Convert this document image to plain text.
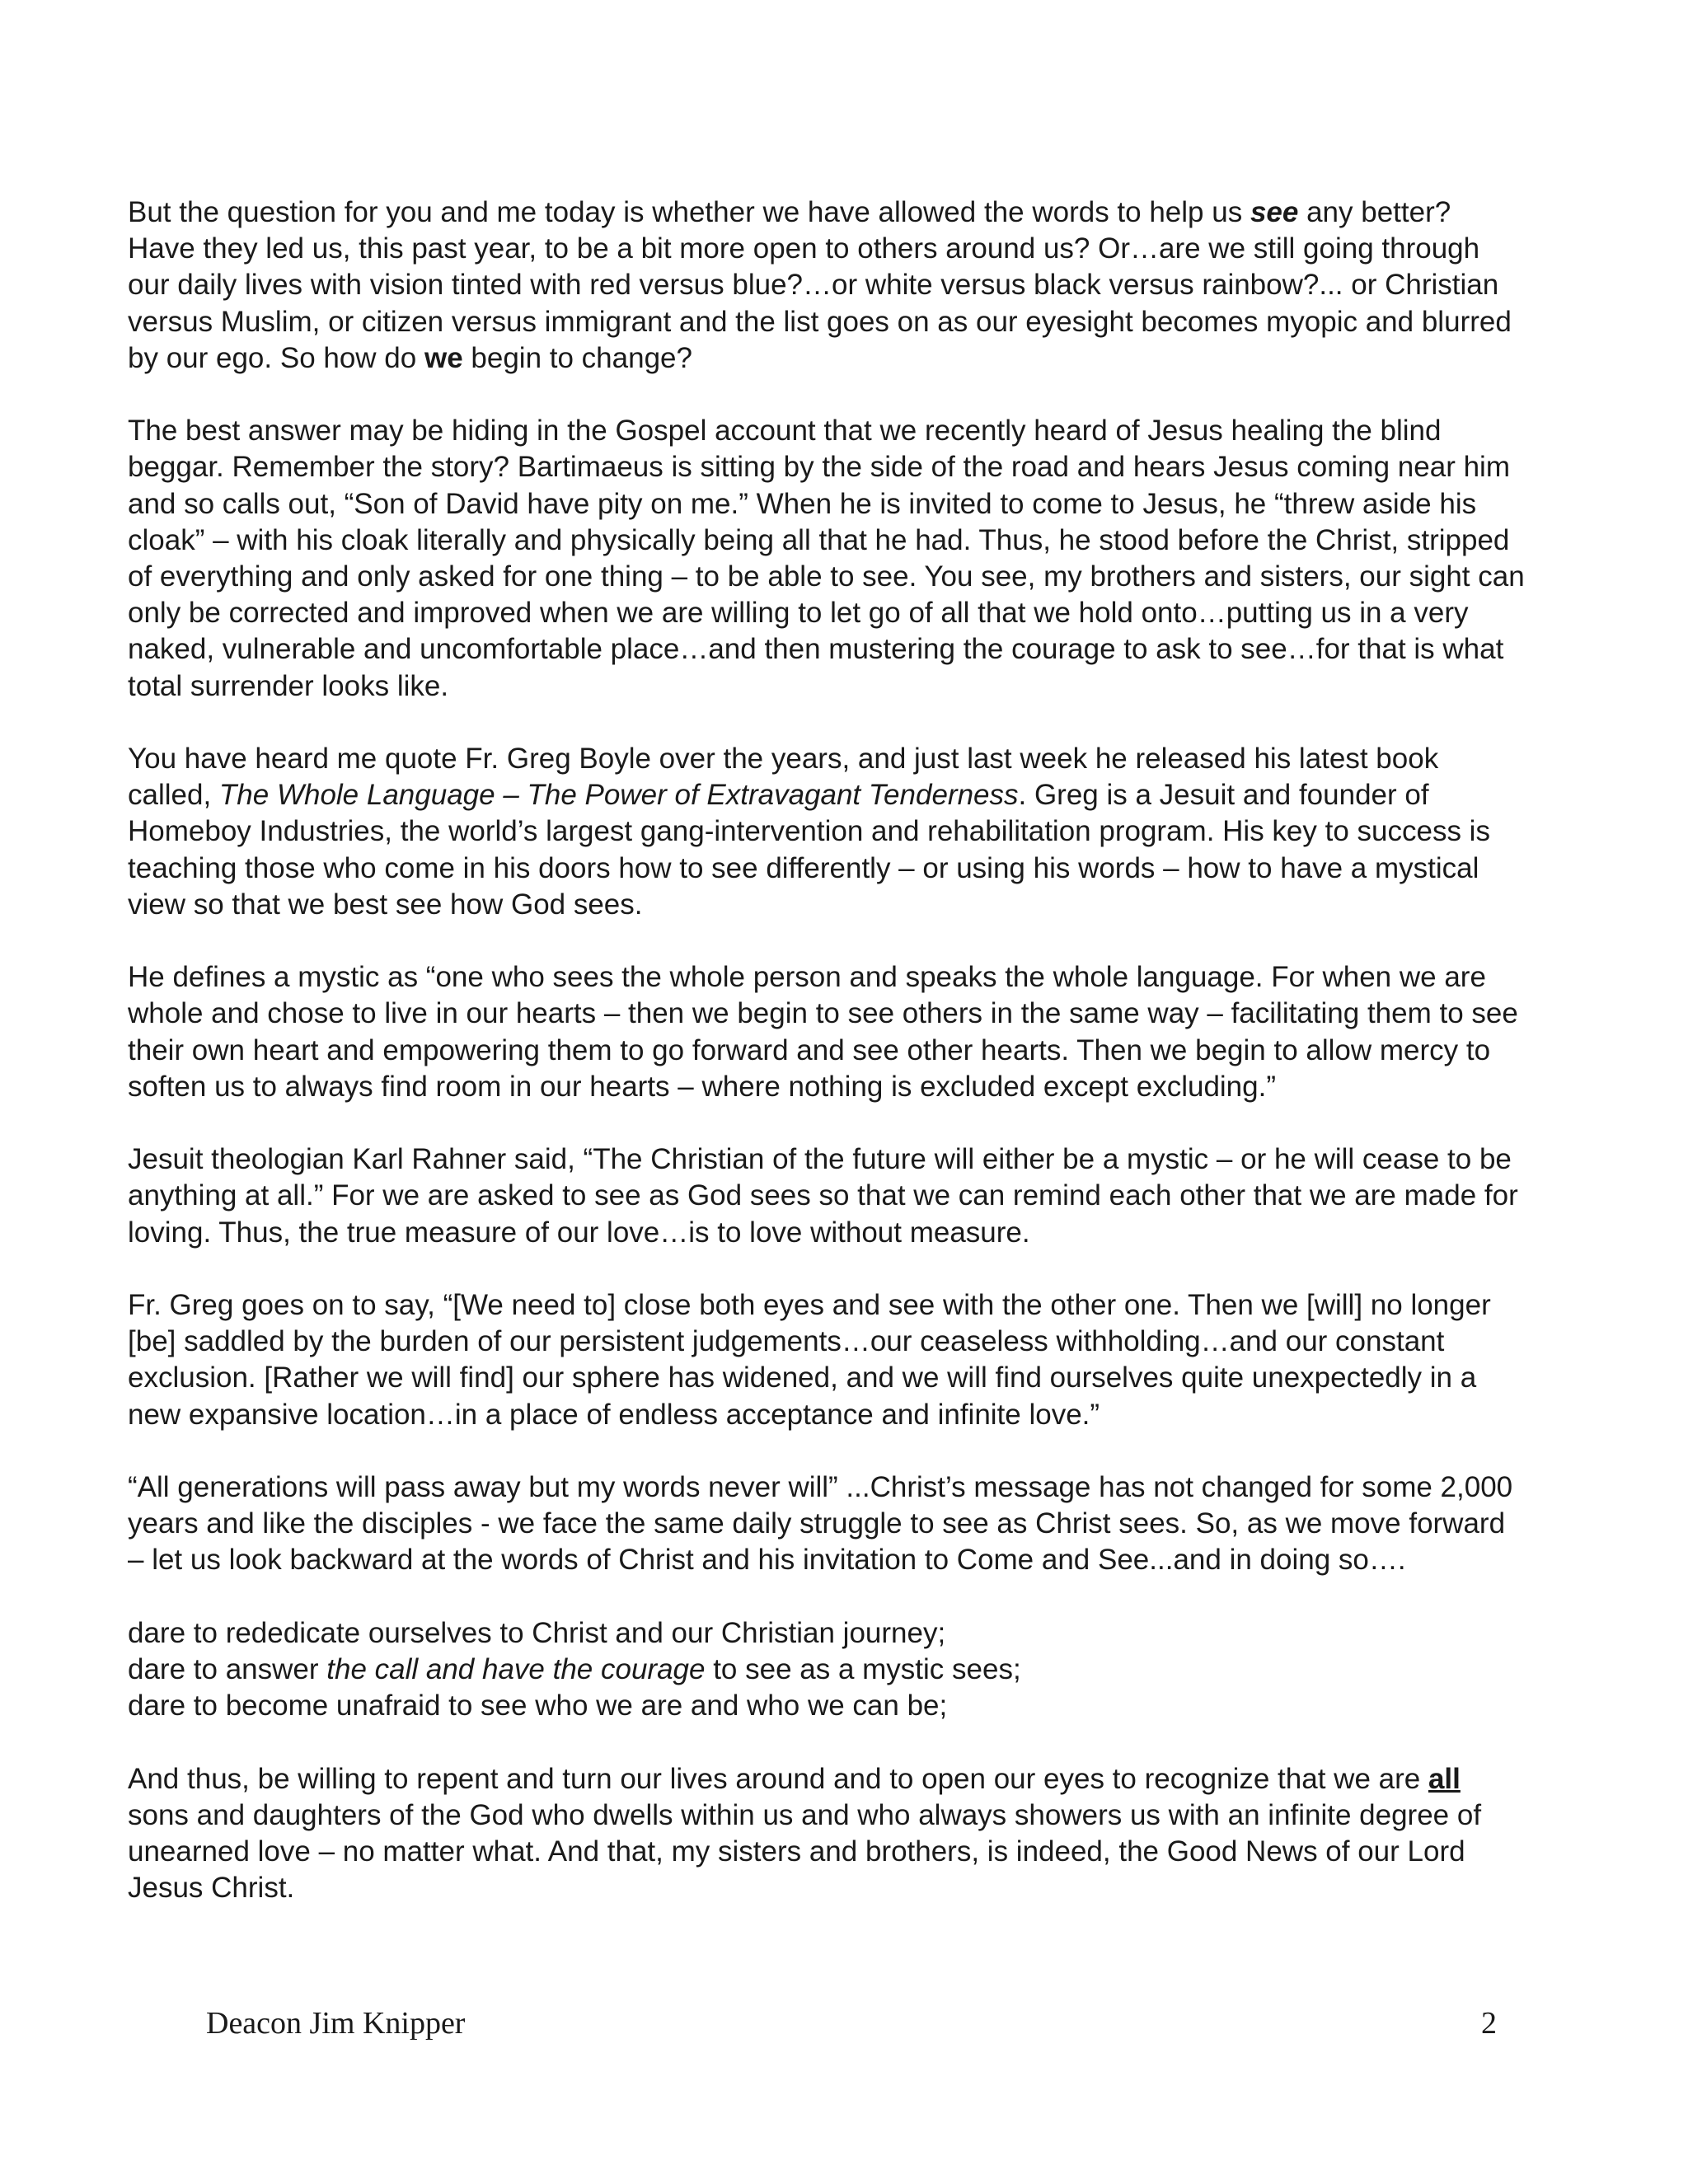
But the question for you and me today is whether we have allowed the words to help us see any better?
Have they led us, this past year, to be a bit more open to others around us? Or…are we still going through
our daily lives with vision tinted with red versus blue?…or white versus black versus rainbow?... or Christian
versus Muslim, or citizen versus immigrant and the list goes on as our eyesight becomes myopic and blurred
by our ego. So how do we begin to change?

The best answer may be hiding in the Gospel account that we recently heard of Jesus healing the blind
beggar. Remember the story? Bartimaeus is sitting by the side of the road and hears Jesus coming near him
and so calls out, “Son of David have pity on me.” When he is invited to come to Jesus, he “threw aside his
cloak” – with his cloak literally and physically being all that he had. Thus, he stood before the Christ, stripped
of everything and only asked for one thing – to be able to see. You see, my brothers and sisters, our sight can
only be corrected and improved when we are willing to let go of all that we hold onto…putting us in a very
naked, vulnerable and uncomfortable place…and then mustering the courage to ask to see…for that is what
total surrender looks like.

You have heard me quote Fr. Greg Boyle over the years, and just last week he released his latest book
called, The Whole Language – The Power of Extravagant Tenderness. Greg is a Jesuit and founder of
Homeboy Industries, the world’s largest gang-intervention and rehabilitation program. His key to success is
teaching those who come in his doors how to see differently – or using his words – how to have a mystical
view so that we best see how God sees.

He defines a mystic as “one who sees the whole person and speaks the whole language. For when we are
whole and chose to live in our hearts – then we begin to see others in the same way – facilitating them to see
their own heart and empowering them to go forward and see other hearts. Then we begin to allow mercy to
soften us to always find room in our hearts – where nothing is excluded except excluding.”

Jesuit theologian Karl Rahner said, “The Christian of the future will either be a mystic – or he will cease to be
anything at all.” For we are asked to see as God sees so that we can remind each other that we are made for
loving. Thus, the true measure of our love…is to love without measure.

Fr. Greg goes on to say, “[We need to] close both eyes and see with the other one. Then we [will] no longer
[be] saddled by the burden of our persistent judgements…our ceaseless withholding…and our constant
exclusion. [Rather we will find] our sphere has widened, and we will find ourselves quite unexpectedly in a
new expansive location…in a place of endless acceptance and infinite love.”

“All generations will pass away but my words never will” ...Christ’s message has not changed for some 2,000
years and like the disciples - we face the same daily struggle to see as Christ sees. So, as we move forward
– let us look backward at the words of Christ and his invitation to Come and See...and in doing so….

dare to rededicate ourselves to Christ and our Christian journey;
dare to answer the call and have the courage to see as a mystic sees;
dare to become unafraid to see who we are and who we can be;

And thus, be willing to repent and turn our lives around and to open our eyes to recognize that we are all
sons and daughters of the God who dwells within us and who always showers us with an infinite degree of
unearned love – no matter what. And that, my sisters and brothers, is indeed, the Good News of our Lord
Jesus Christ.

Deacon Jim Knipper	2
